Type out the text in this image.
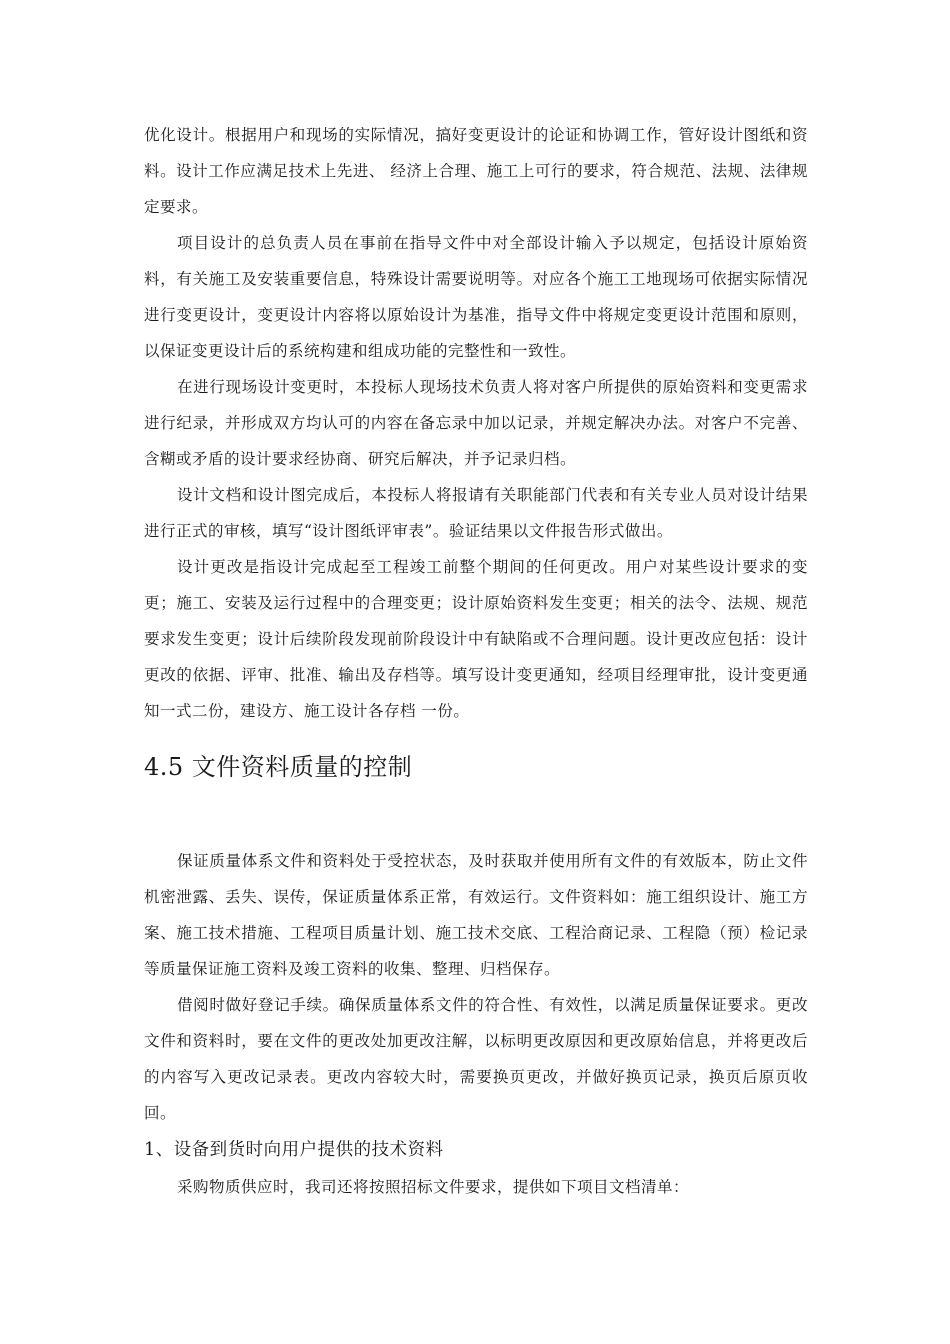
优化设计。根据用户和现场的实际情况，搞好变更设计的论证和协调工作，管好设计图纸和资料。设计工作应满足技术上先进、 经济上合理、施工上可行的要求，符合规范、法规、法律规定要求。

项目设计的总负责人员在事前在指导文件中对全部设计输入予以规定，包括设计原始资料，有关施工及安装重要信息，特殊设计需要说明等。对应各个施工工地现场可依据实际情况进行变更设计，变更设计内容将以原始设计为基准，指导文件中将规定变更设计范围和原则，以保证变更设计后的系统构建和组成功能的完整性和一致性。

在进行现场设计变更时，本投标人现场技术负责人将对客户所提供的原始资料和变更需求进行纪录，并形成双方均认可的内容在备忘录中加以记录，并规定解决办法。对客户不完善、含糊或矛盾的设计要求经协商、研究后解决，并予记录归档。

设计文档和设计图完成后，本投标人将报请有关职能部门代表和有关专业人员对设计结果进行正式的审核，填写“设计图纸评审表”。验证结果以文件报告形式做出。

设计更改是指设计完成起至工程竣工前整个期间的任何更改。用户对某些设计要求的变更；施工、安装及运行过程中的合理变更；设计原始资料发生变更；相关的法令、法规、规范要求发生变更；设计后续阶段发现前阶段设计中有缺陷或不合理问题。设计更改应包括：设计更改的依据、评审、批准、输出及存档等。填写设计变更通知，经项目经理审批，设计变更通知一式二份，建设方、施工设计各存档 一份。

4.5 文件资料质量的控制

保证质量体系文件和资料处于受控状态，及时获取并使用所有文件的有效版本，防止文件机密泄露、丢失、误传，保证质量体系正常，有效运行。文件资料如：施工组织设计、施工方案、施工技术措施、工程项目质量计划、施工技术交底、工程洽商记录、工程隐（预）检记录等质量保证施工资料及竣工资料的收集、整理、归档保存。

借阅时做好登记手续。确保质量体系文件的符合性、有效性，以满足质量保证要求。更改文件和资料时，要在文件的更改处加更改注解，以标明更改原因和更改原始信息，并将更改后的内容写入更改记录表。更改内容较大时，需要换页更改，并做好换页记录，换页后原页收回。

1、设备到货时向用户提供的技术资料

采购物质供应时，我司还将按照招标文件要求，提供如下项目文档清单：
